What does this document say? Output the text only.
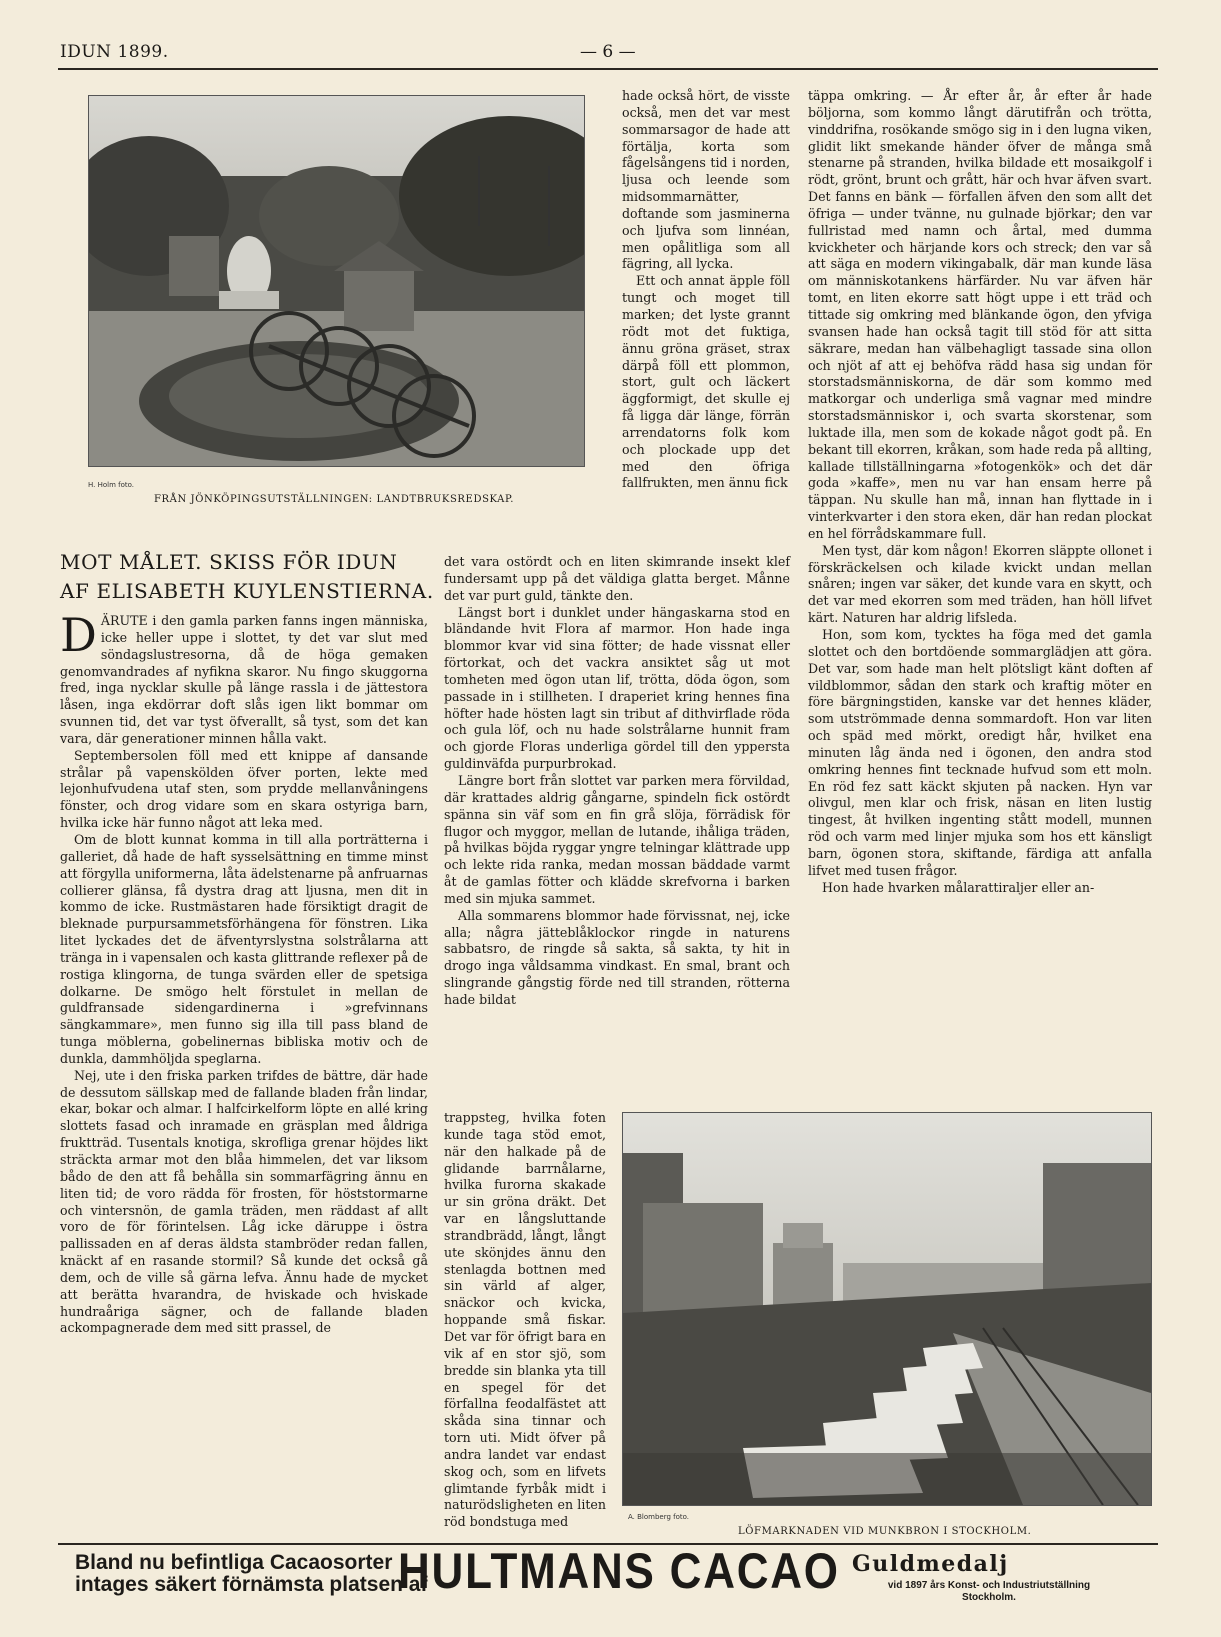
IDUN 1899.	— 6 —
H. Holm foto.
FRÅN JÖNKÖPINGSUTSTÄLLNINGEN: LANDTBRUKSREDSKAP.
MOT MÅLET. SKISS FÖR IDUN
AF ELISABETH KUYLENSTIERNA.

DÄRUTE i den gamla parken fanns ingen människa, icke heller uppe i slottet, ty det var slut med söndagslustresorna, då de höga gemaken genomvandrades af nyfikna skaror. Nu fingo skuggorna fred, inga nycklar skulle på länge rassla i de jättestora låsen, inga ekdörrar doft slås igen likt bommar om svunnen tid, det var tyst öfverallt, så tyst, som det kan vara, där generationer minnen hålla vakt.

Septembersolen föll med ett knippe af dansande strålar på vapenskölden öfver porten, lekte med lejonhufvudena utaf sten, som prydde mellanvåningens fönster, och drog vidare som en skara ostyriga barn, hvilka icke här funno något att leka med.

Om de blott kunnat komma in till alla porträtterna i galleriet, då hade de haft sysselsättning en timme minst att förgylla uniformerna, låta ädelstenarne på anfruarnas collierer glänsa, få dystra drag att ljusna, men dit in kommo de icke. Rustmästaren hade försiktigt dragit de bleknade purpursammetsförhängena för fönstren. Lika litet lyckades det de äfventyrslystna solstrålarna att tränga in i vapensalen och kasta glittrande reflexer på de rostiga klingorna, de tunga svärden eller de spetsiga dolkarne. De smögo helt förstulet in mellan de guldfransade sidengardinerna i »grefvinnans sängkammare», men funno sig illa till pass bland de tunga möblerna, gobelinernas bibliska motiv och de dunkla, dammhöljda speglarna.

Nej, ute i den friska parken trifdes de bättre, där hade de dessutom sällskap med de fallande bladen från lindar, ekar, bokar och almar. I halfcirkelform löpte en allé kring slottets fasad och inramade en gräsplan med åldriga fruktträd. Tusentals knotiga, skrofliga grenar höjdes likt sträckta armar mot den blåa himmelen, det var liksom bådo de den att få behålla sin sommarfägring ännu en liten tid; de voro rädda för frosten, för höststormarne och vintersnön, de gamla träden, men räddast af allt voro de för förintelsen. Låg icke däruppe i östra pallissaden en af deras äldsta stambröder redan fallen, knäckt af en rasande stormil? Så kunde det också gå dem, och de ville så gärna lefva. Ännu hade de mycket att berätta hvarandra, de hviskade och hviskade hundraåriga sägner, och de fallande bladen ackompagnerade dem med sitt prassel, de

hade också hört, de visste också, men det var mest sommarsagor de hade att förtälja, korta som fågelsångens tid i norden, ljusa och leende som midsommarnätter, doftande som jasminerna och ljufva som linnéan, men opålitliga som all fägring, all lycka.

Ett och annat äpple föll tungt och moget till marken; det lyste grannt rödt mot det fuktiga, ännu gröna gräset, strax därpå föll ett plommon, stort, gult och läckert äggformigt, det skulle ej få ligga där länge, förrän arrendatorns folk kom och plockade upp det med den öfriga fallfrukten, men ännu fick

det vara ostördt och en liten skimrande insekt klef fundersamt upp på det väldiga glatta berget. Månne det var purt guld, tänkte den.

Längst bort i dunklet under hängaskarna stod en bländande hvit Flora af marmor. Hon hade inga blommor kvar vid sina fötter; de hade vissnat eller förtorkat, och det vackra ansiktet såg ut mot tomheten med ögon utan lif, trötta, döda ögon, som passade in i stillheten. I draperiet kring hennes fina höfter hade hösten lagt sin tribut af dithvirflade röda och gula löf, och nu hade solstrålarne hunnit fram och gjorde Floras underliga gördel till den yppersta guldinväfda purpurbrokad.

Längre bort från slottet var parken mera förvildad, där krattades aldrig gångarne, spindeln fick ostördt spänna sin väf som en fin grå slöja, förrädisk för flugor och myggor, mellan de lutande, ihåliga träden, på hvilkas böjda ryggar yngre telningar klättrade upp och lekte rida ranka, medan mossan bäddade varmt åt de gamlas fötter och klädde skrefvorna i barken med sin mjuka sammet.

Alla sommarens blommor hade förvissnat, nej, icke alla; några jätteblåklockor ringde in naturens sabbatsro, de ringde så sakta, så sakta, ty hit in drogo inga våldsamma vindkast. En smal, brant och slingrande gångstig förde ned till stranden, rötterna hade bildat

trappsteg, hvilka foten kunde taga stöd emot, när den halkade på de glidande barrnålarne, hvilka furorna skakade ur sin gröna dräkt. Det var en långsluttande strandbrädd, långt, långt ute skönjdes ännu den stenlagda bottnen med sin värld af alger, snäckor och kvicka, hoppande små fiskar. Det var för öfrigt bara en vik af en stor sjö, som bredde sin blanka yta till en spegel för det förfallna feodalfästet att skåda sina tinnar och torn uti. Midt öfver på andra landet var endast skog och, som en lifvets glimtande fyrbåk midt i naturödsligheten en liten röd bondstuga med

täppa omkring. — År efter år, år efter år hade böljorna, som kommo långt därutifrån och trötta, vinddrifna, rosökande smögo sig in i den lugna viken, glidit likt smekande händer öfver de många små stenarne på stranden, hvilka bildade ett mosaikgolf i rödt, grönt, brunt och grått, här och hvar äfven svart. Det fanns en bänk — förfallen äfven den som allt det öfriga — under tvänne, nu gulnade björkar; den var fullristad med namn och årtal, med dumma kvickheter och härjande kors och streck; den var så att säga en modern vikingabalk, där man kunde läsa om människotankens härfärder. Nu var äfven här tomt, en liten ekorre satt högt uppe i ett träd och tittade sig omkring med blänkande ögon, den yfviga svansen hade han också tagit till stöd för att sitta säkrare, medan han välbehagligt tassade sina ollon och njöt af att ej behöfva rädd hasa sig undan för storstadsmänniskorna, de där som kommo med matkorgar och underliga små vagnar med mindre storstadsmänniskor i, och svarta skorstenar, som luktade illa, men som de kokade något godt på. En bekant till ekorren, kråkan, som hade reda på allting, kallade tillställningarna »fotogenkök» och det där goda »kaffe», men nu var han ensam herre på täppan. Nu skulle han må, innan han flyttade in i vinterkvarter i den stora eken, där han redan plockat en hel förrådskammare full.

Men tyst, där kom någon! Ekorren släppte ollonet i förskräckelsen och kilade kvickt undan mellan snåren; ingen var säker, det kunde vara en skytt, och det var med ekorren som med träden, han höll lifvet kärt. Naturen har aldrig lifsleda.

Hon, som kom, tycktes ha föga med det gamla slottet och den bortdöende sommarglädjen att göra. Det var, som hade man helt plötsligt känt doften af vildblommor, sådan den stark och kraftig möter en före bärgningstiden, kanske var det hennes kläder, som utströmmade denna sommardoft. Hon var liten och späd med mörkt, oredigt hår, hvilket ena minuten låg ända ned i ögonen, den andra stod omkring hennes fint tecknade hufvud som ett moln. En röd fez satt käckt skjuten på nacken. Hyn var olivgul, men klar och frisk, näsan en liten lustig tingest, åt hvilken ingenting stått modell, munnen röd och varm med linjer mjuka som hos ett känsligt barn, ögonen stora, skiftande, färdiga att anfalla lifvet med tusen frågor.

Hon hade hvarken målarattiraljer eller an-

A. Blomberg foto.
LÖFMARKNADEN VID MUNKBRON I STOCKHOLM.
Bland nu befintliga Cacaosorter
intages säkert förnämsta platsen af
HULTMANS CACAO Guldmedalj
vid 1897 års Konst- och Industriutställning
Stockholm.
